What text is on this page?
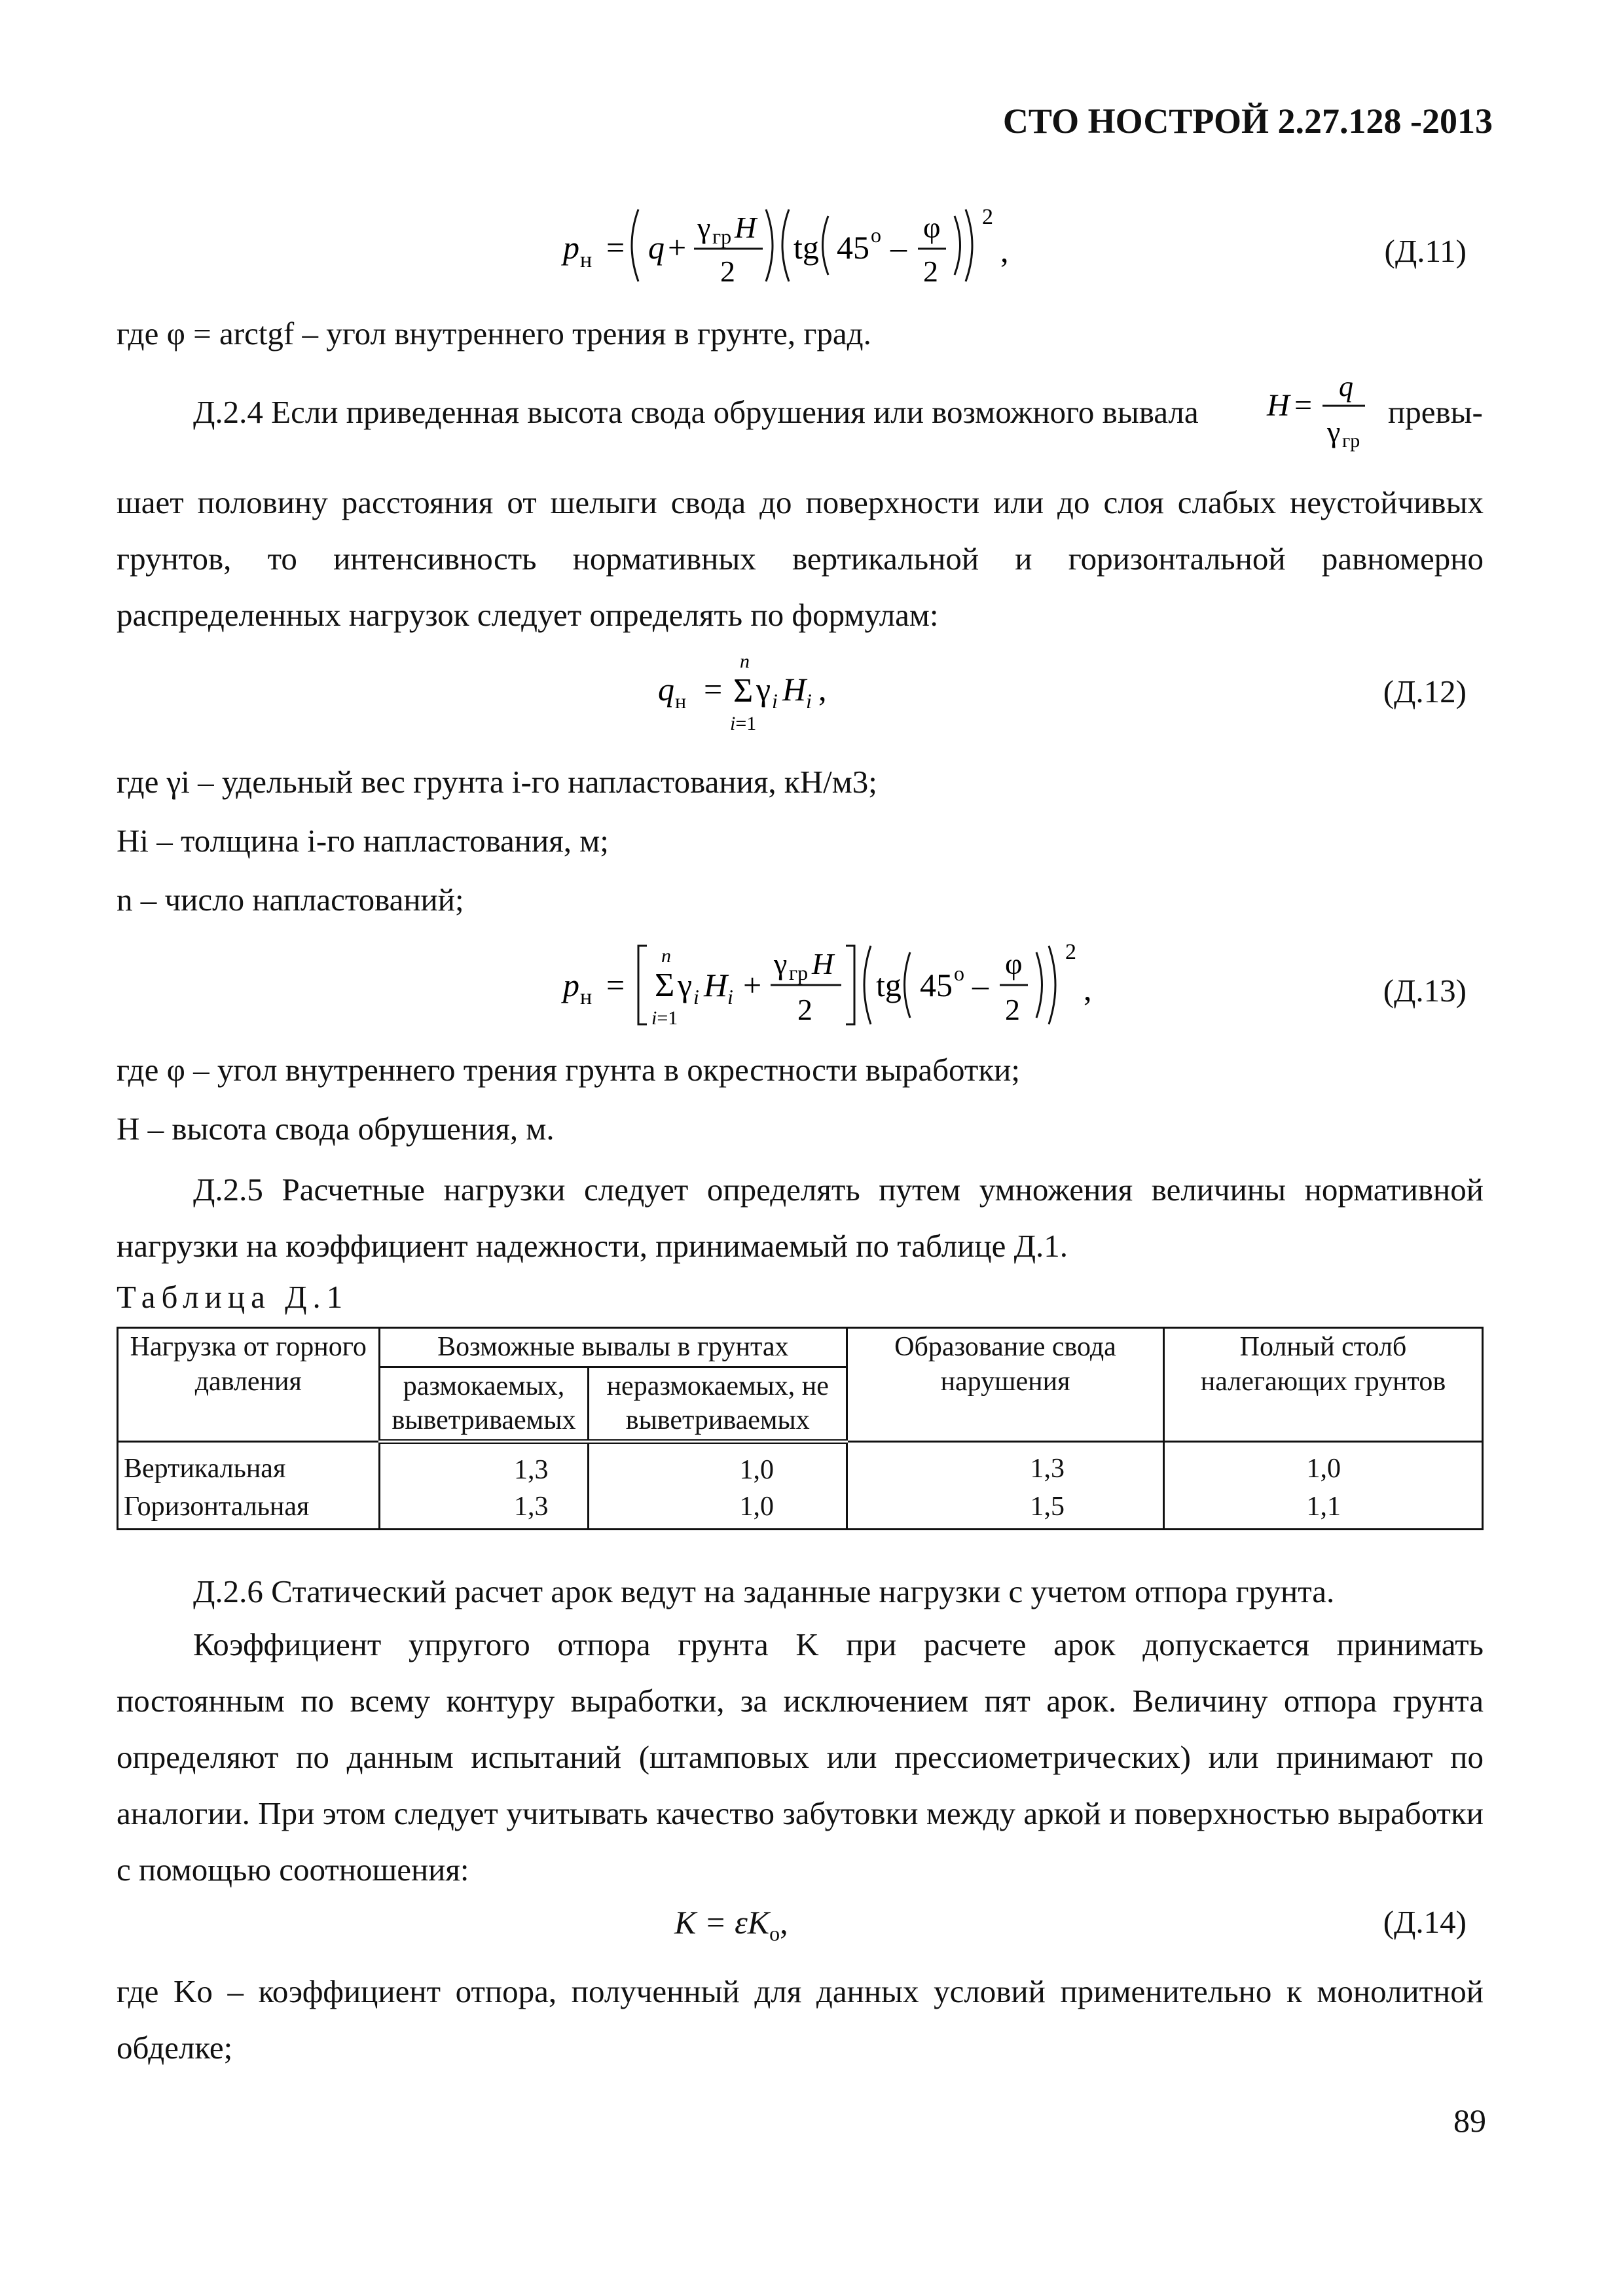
СТО НОСТРОЙ 2.27.128 -2013
p н = q +
γ гр H
2
tg 45 o –
φ
2
2
,	(Д.11)
где φ = arctgf – угол внутреннего трения в грунте, град.
Д.2.4 Если приведенная высота свода обрушения или возможного вывала H =
q
γ гр
превы-
шает половину расстояния от шелыги свода до поверхности или до слоя слабых неустойчивых грунтов, то интенсивность нормативных вертикальной и горизонтальной равномерно распределенных нагрузок следует определять по формулам:
q н =
n
Σ
i=1
γ i H i ,	(Д.12)
где γi – удельный вес грунта i-го напластования, кН/м3;
Hi – толщина i-го напластования, м;
n – число напластований;
p н =
n
Σ
i=1
γ i H i +
γ гр H
2
tg 45 o –
φ
2
2
,	(Д.13)
где φ – угол внутреннего трения грунта в окрестности выработки;
H – высота свода обрушения, м.
Д.2.5 Расчетные нагрузки следует определять путем умножения величины нормативной нагрузки на коэффициент надежности, принимаемый по таблице Д.1.
Таблица Д.1
Нагрузка от горного давления	Возможные вывалы в грунтах		Образование свода нарушения	Полный столб налегающих грунтов
	размокаемых, выветриваемых	неразмокаемых, не выветриваемых		
Вертикальная	1,3	1,0	1,3	1,0
Горизонтальная	1,3	1,0	1,5	1,1
Д.2.6 Статический расчет арок ведут на заданные нагрузки с учетом отпора грунта.
Коэффициент упругого отпора грунта K при расчете арок допускается принимать постоянным по всему контуру выработки, за исключением пят арок. Величину отпора грунта определяют по данным испытаний (штамповых или прессиометрических) или принимают по аналогии. При этом следует учитывать качество забутовки между аркой и поверхностью выработки с помощью соотношения:
$K = \varepsilon K_о$,	(Д.14)
где Kо – коэффициент отпора, полученный для данных условий применительно к монолитной обделке;
89
